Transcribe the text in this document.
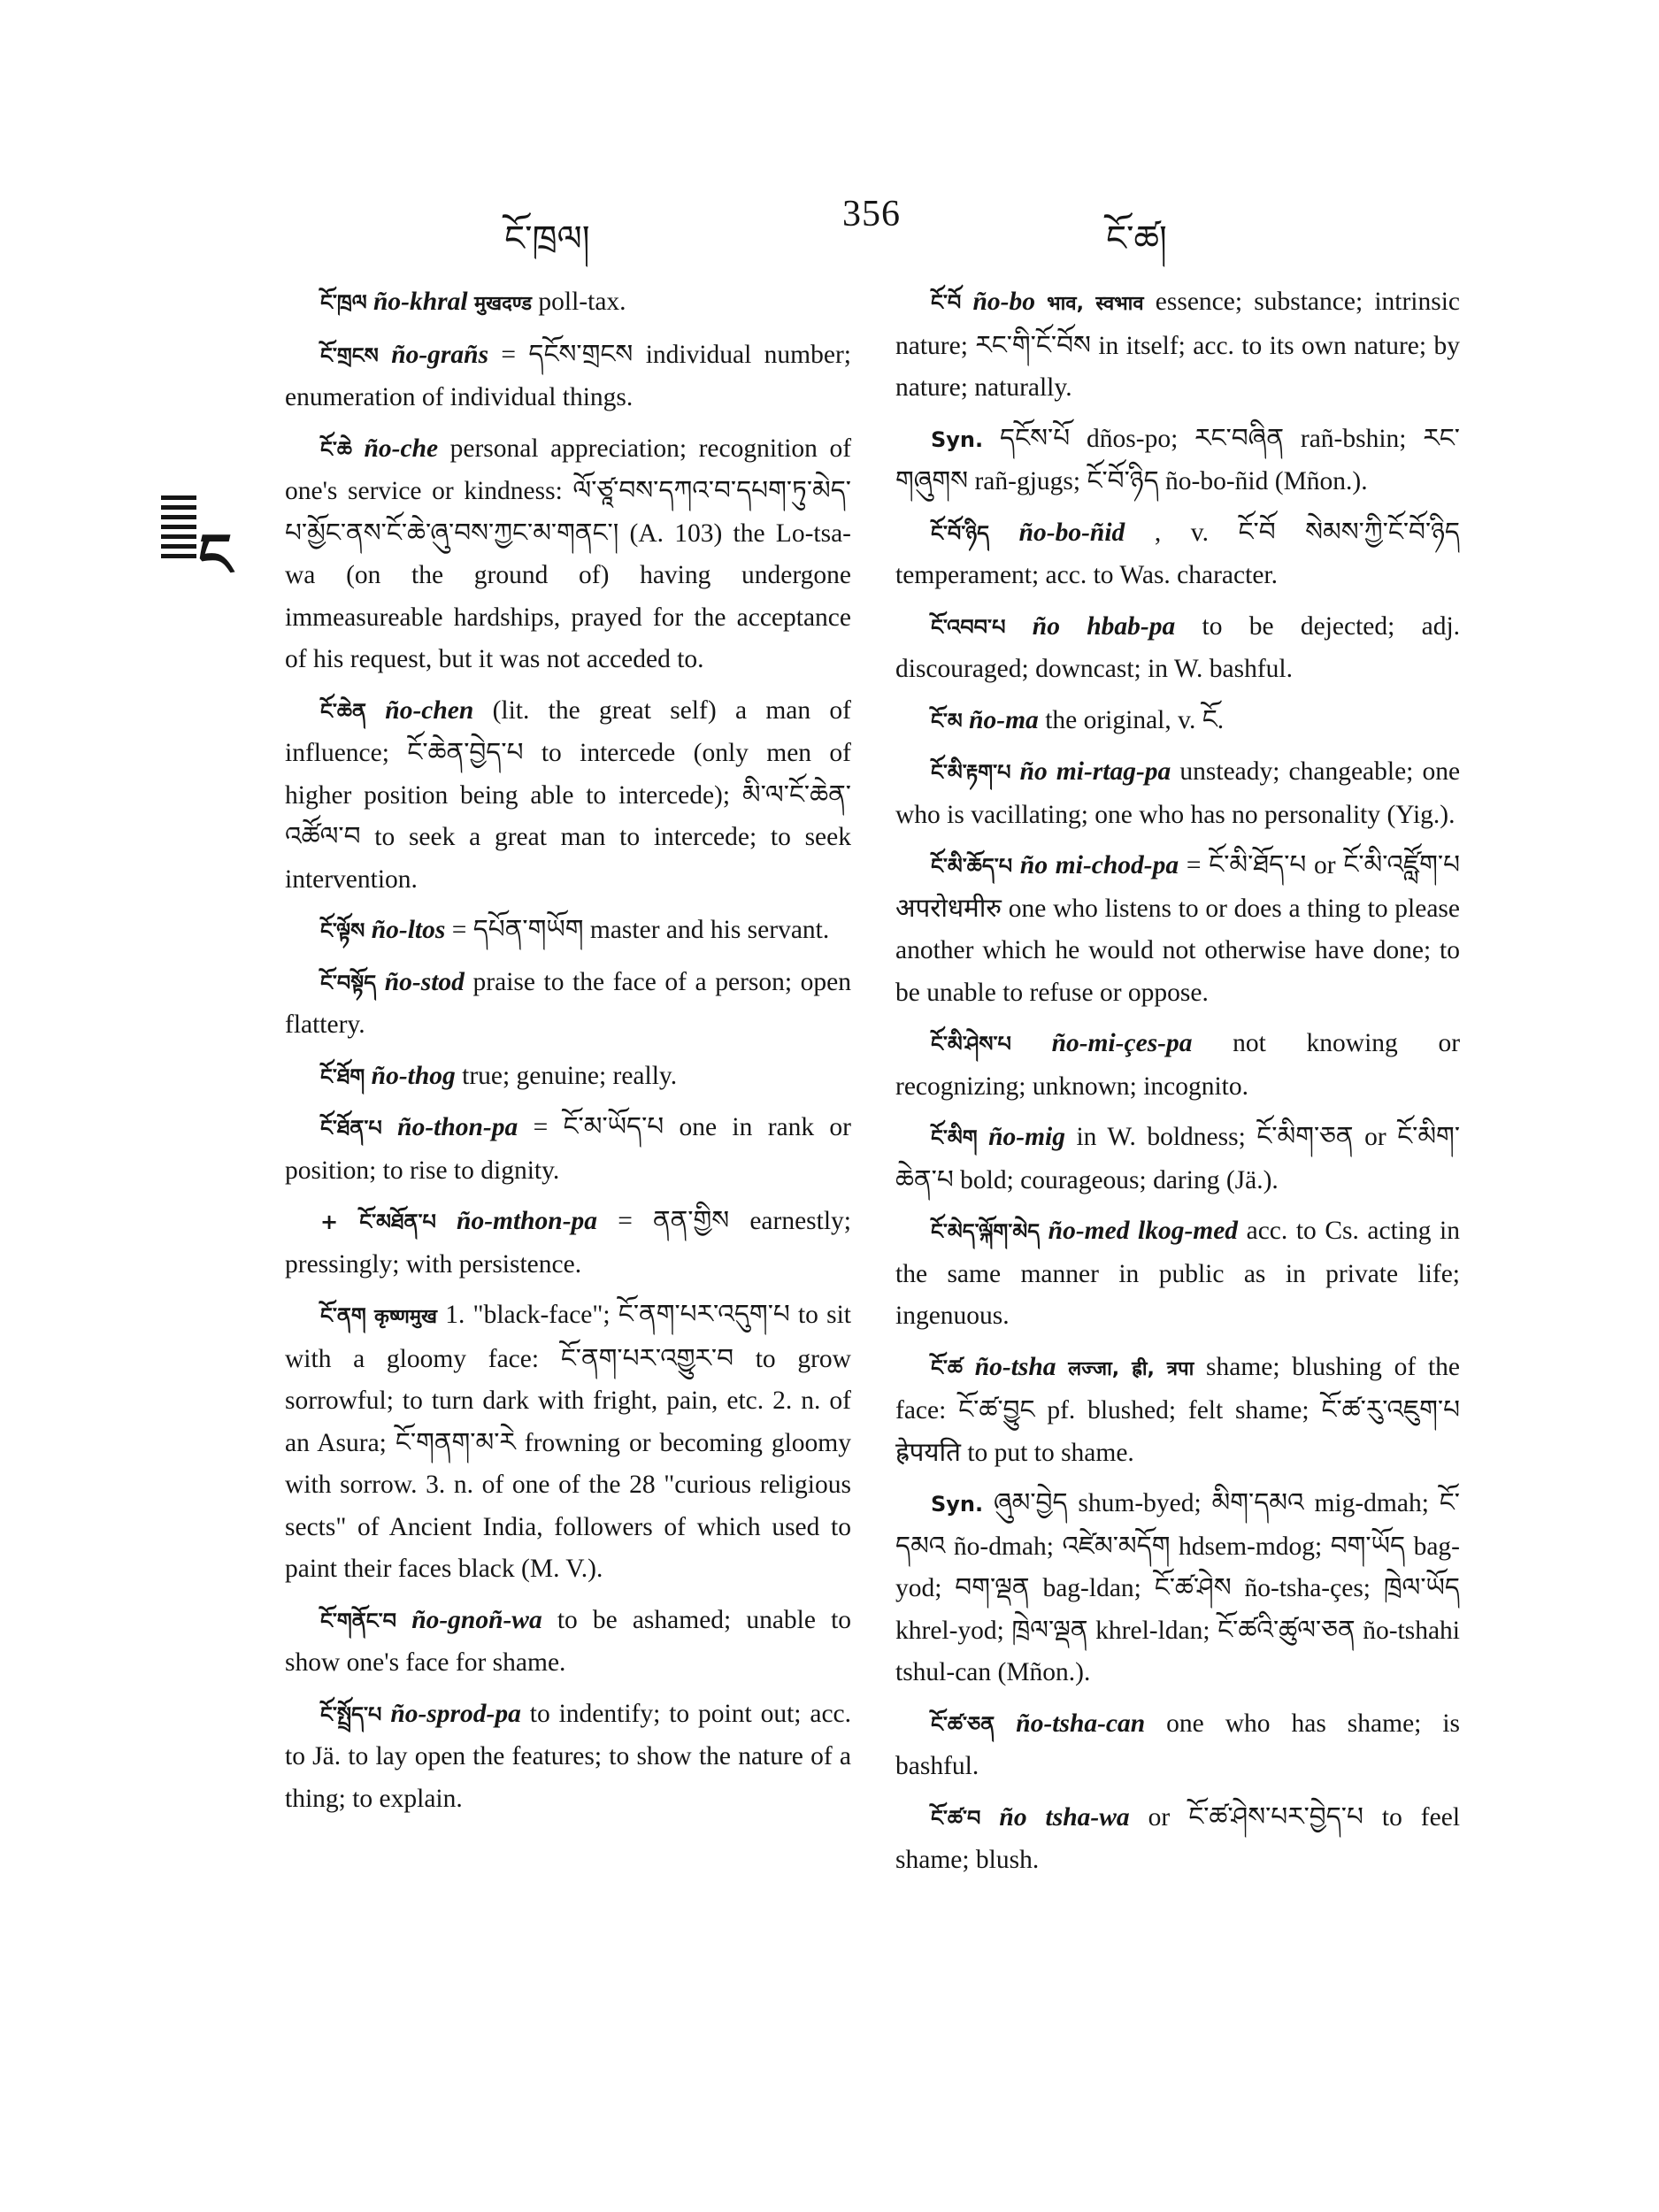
ངོ་ཁྲལ།
356
ངོ་ཚ།
ང

ངོ་ཁྲལ ño-khral मुखदण्ड poll-tax.

ངོ་གྲངས ño-grañs = དངོས་གྲངས individual number; enumeration of individual things.

ངོ་ཆེ ño-che personal appreciation; recognition of one's service or kindness: ལོ་ཙཱ་བས་དཀའ་བ་དཔག་ཏུ་མེད་པ་མྱོང་ནས་ངོ་ཆེ་ཞུ་བས་ཀྱང་མ་གནང་། (A. 103) the Lo-tsa-wa (on the ground of) having undergone immeasureable hardships, prayed for the acceptance of his request, but it was not acceded to.

ངོ་ཆེན ño-chen (lit. the great self) a man of influence; ངོ་ཆེན་བྱེད་པ to intercede (only men of higher position being able to intercede); མི་ལ་ངོ་ཆེན་འཚོལ་བ to seek a great man to intercede; to seek intervention.

ངོ་ལྟོས ño-ltos = དཔོན་གཡོག master and his servant.

ངོ་བསྟོད ño-stod praise to the face of a person; open flattery.

ངོ་ཐོག ño-thog true; genuine; really.

ངོ་ཐོན་པ ño-thon-pa = ངོ་མ་ཡོད་པ one in rank or position; to rise to dignity.

+ ངོ་མཐོན་པ ño-mthon-pa = ནན་གྱིས earnestly; pressingly; with persistence.

ངོ་ནག कृष्णमुख 1. "black-face"; ངོ་ནག་པར་འདུག་པ to sit with a gloomy face: ངོ་ནག་པར་འགྱུར་བ to grow sorrowful; to turn dark with fright, pain, etc. 2. n. of an Asura; ངོ་གནག་མ་རེ frowning or becoming gloomy with sorrow. 3. n. of one of the 28 "curious religious sects" of Ancient India, followers of which used to paint their faces black (M. V.).

ངོ་གནོང་བ ño-gnoñ-wa to be ashamed; unable to show one's face for shame.

ངོ་སྤྲོད་པ ño-sprod-pa to indentify; to point out; acc. to Jä. to lay open the features; to show the nature of a thing; to explain.

ངོ་བོ ño-bo भाव, स्वभाव essence; substance; intrinsic nature; རང་གི་ངོ་བོས in itself; acc. to its own nature; by nature; naturally.

Syn. དངོས་པོ dños-po; རང་བཞིན rañ-bshin; རང་གཞུགས rañ-gjugs; ངོ་བོ་ཉིད ño-bo-ñid (Mñon.).

ངོ་བོ་ཉིད ño-bo-ñid , v. ངོ་བོ སེམས་ཀྱི་ངོ་བོ་ཉིད temperament; acc. to Was. character.

ངོ་འབབ་པ ño hbab-pa to be dejected; adj. discouraged; downcast; in W. bashful.

ངོ་མ ño-ma the original, v. ངོ.

ངོ་མི་རྟག་པ ño mi-rtag-pa unsteady; changeable; one who is vacillating; one who has no personality (Yig.).

ངོ་མི་ཆོད་པ ño mi-chod-pa = ངོ་མི་ཐོད་པ or ངོ་མི་འཛློག་པ अपरोधमीरु one who listens to or does a thing to please another which he would not otherwise have done; to be unable to refuse or oppose.

ངོ་མི་ཤེས་པ ño-mi-çes-pa not knowing or recognizing; unknown; incognito.

ངོ་མིག ño-mig in W. boldness; ངོ་མིག་ཅན or ངོ་མིག་ཆེན་པ bold; courageous; daring (Jä.).

ངོ་མེད་ལྐོག་མེད ño-med lkog-med acc. to Cs. acting in the same manner in public as in private life; ingenuous.

ངོ་ཚ ño-tsha लज्जा, ह्री, त्रपा shame; blushing of the face: ངོ་ཚ་བྱུང pf. blushed; felt shame; ངོ་ཚ་རུ་འཇུག་པ ह्रेपयति to put to shame.

Syn. ཞུམ་བྱེད shum-byed; མིག་དམའ mig-dmah; ངོ་དམའ ño-dmah; འཛེམ་མདོག hdsem-mdog; བག་ཡོད bag-yod; བག་ལྡན bag-ldan; ངོ་ཚ་ཤེས ño-tsha-çes; ཁྲེལ་ཡོད khrel-yod; ཁྲེལ་ལྡན khrel-ldan; ངོ་ཚའི་ཚུལ་ཅན ño-tshahi tshul-can (Mñon.).

ངོ་ཚ་ཅན ño-tsha-can one who has shame; is bashful.

ངོ་ཚ་བ ño tsha-wa or ངོ་ཚ་ཤེས་པར་བྱེད་པ to feel shame; blush.
